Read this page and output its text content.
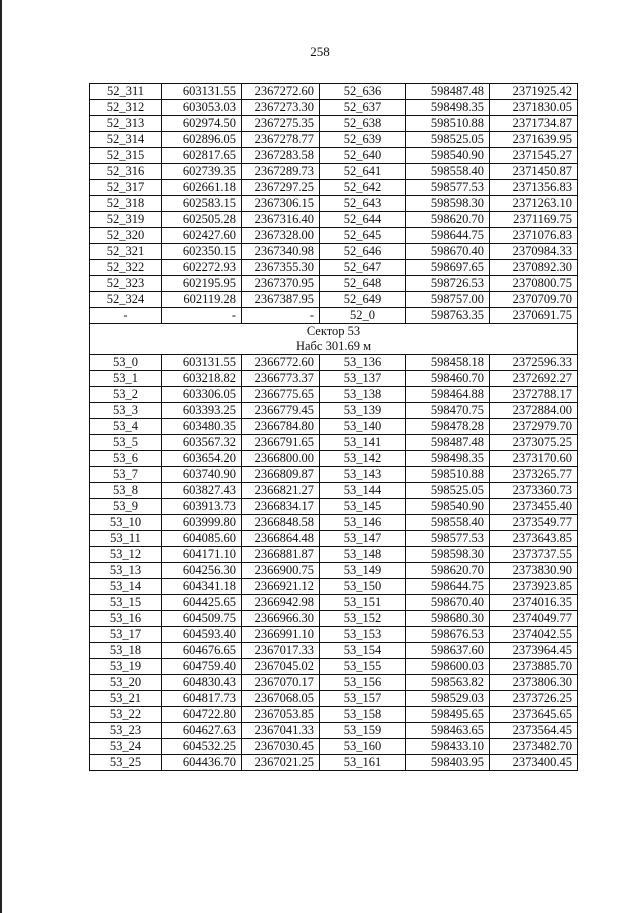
258
52_311	603131.55	2367272.60	52_636	598487.48	2371925.42
52_312	603053.03	2367273.30	52_637	598498.35	2371830.05
52_313	602974.50	2367275.35	52_638	598510.88	2371734.87
52_314	602896.05	2367278.77	52_639	598525.05	2371639.95
52_315	602817.65	2367283.58	52_640	598540.90	2371545.27
52_316	602739.35	2367289.73	52_641	598558.40	2371450.87
52_317	602661.18	2367297.25	52_642	598577.53	2371356.83
52_318	602583.15	2367306.15	52_643	598598.30	2371263.10
52_319	602505.28	2367316.40	52_644	598620.70	2371169.75
52_320	602427.60	2367328.00	52_645	598644.75	2371076.83
52_321	602350.15	2367340.98	52_646	598670.40	2370984.33
52_322	602272.93	2367355.30	52_647	598697.65	2370892.30
52_323	602195.95	2367370.95	52_648	598726.53	2370800.75
52_324	602119.28	2367387.95	52_649	598757.00	2370709.70
-	-	-	52_0	598763.35	2370691.75
Сектор 53					
Набс 301.69 м					
53_0	603131.55	2366772.60	53_136	598458.18	2372596.33
53_1	603218.82	2366773.37	53_137	598460.70	2372692.27
53_2	603306.05	2366775.65	53_138	598464.88	2372788.17
53_3	603393.25	2366779.45	53_139	598470.75	2372884.00
53_4	603480.35	2366784.80	53_140	598478.28	2372979.70
53_5	603567.32	2366791.65	53_141	598487.48	2373075.25
53_6	603654.20	2366800.00	53_142	598498.35	2373170.60
53_7	603740.90	2366809.87	53_143	598510.88	2373265.77
53_8	603827.43	2366821.27	53_144	598525.05	2373360.73
53_9	603913.73	2366834.17	53_145	598540.90	2373455.40
53_10	603999.80	2366848.58	53_146	598558.40	2373549.77
53_11	604085.60	2366864.48	53_147	598577.53	2373643.85
53_12	604171.10	2366881.87	53_148	598598.30	2373737.55
53_13	604256.30	2366900.75	53_149	598620.70	2373830.90
53_14	604341.18	2366921.12	53_150	598644.75	2373923.85
53_15	604425.65	2366942.98	53_151	598670.40	2374016.35
53_16	604509.75	2366966.30	53_152	598680.30	2374049.77
53_17	604593.40	2366991.10	53_153	598676.53	2374042.55
53_18	604676.65	2367017.33	53_154	598637.60	2373964.45
53_19	604759.40	2367045.02	53_155	598600.03	2373885.70
53_20	604830.43	2367070.17	53_156	598563.82	2373806.30
53_21	604817.73	2367068.05	53_157	598529.03	2373726.25
53_22	604722.80	2367053.85	53_158	598495.65	2373645.65
53_23	604627.63	2367041.33	53_159	598463.65	2373564.45
53_24	604532.25	2367030.45	53_160	598433.10	2373482.70
53_25	604436.70	2367021.25	53_161	598403.95	2373400.45
